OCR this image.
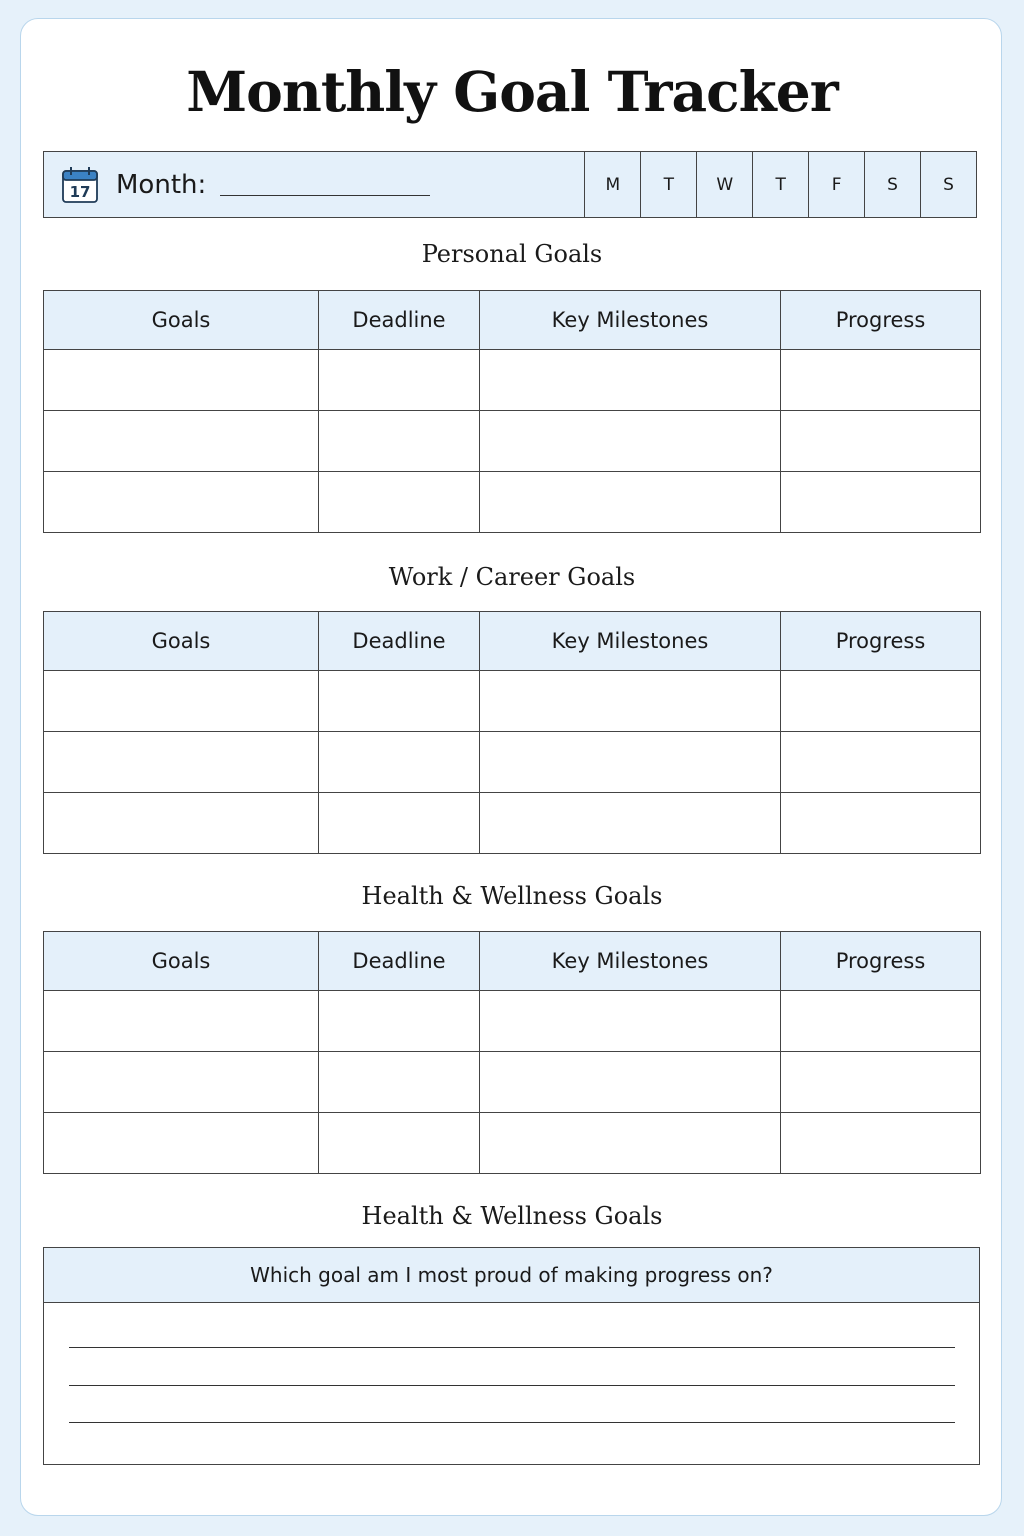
Monthly Goal Tracker
17 Month:	M	T	W	T	F	S	S
Personal Goals
Goals	Deadline	Key Milestones	Progress

Work / Career Goals
Goals	Deadline	Key Milestones	Progress

Health & Wellness Goals
Goals	Deadline	Key Milestones	Progress

Health & Wellness Goals
Which goal am I most proud of making progress on?
